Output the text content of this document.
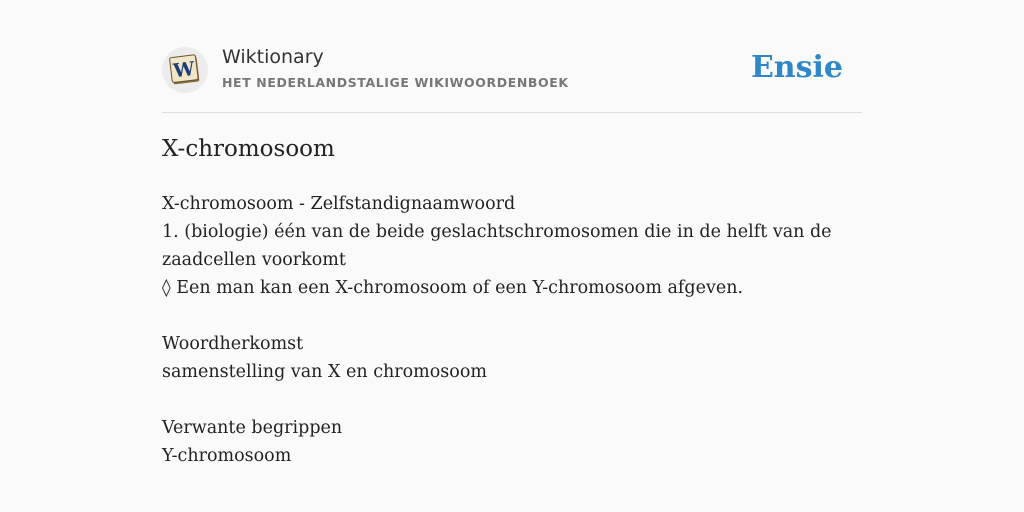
W
Wiktionary
HET NEDERLANDSTALIGE WIKIWOORDENBOEK	Ensie
X-chromosoom
X-chromosoom - Zelfstandignaamwoord
1. (biologie) één van de beide geslachtschromosomen die in de helft van de
zaadcellen voorkomt
◊ Een man kan een X-chromosoom of een Y-chromosoom afgeven.
Woordherkomst
samenstelling van X en chromosoom
Verwante begrippen
Y-chromosoom
